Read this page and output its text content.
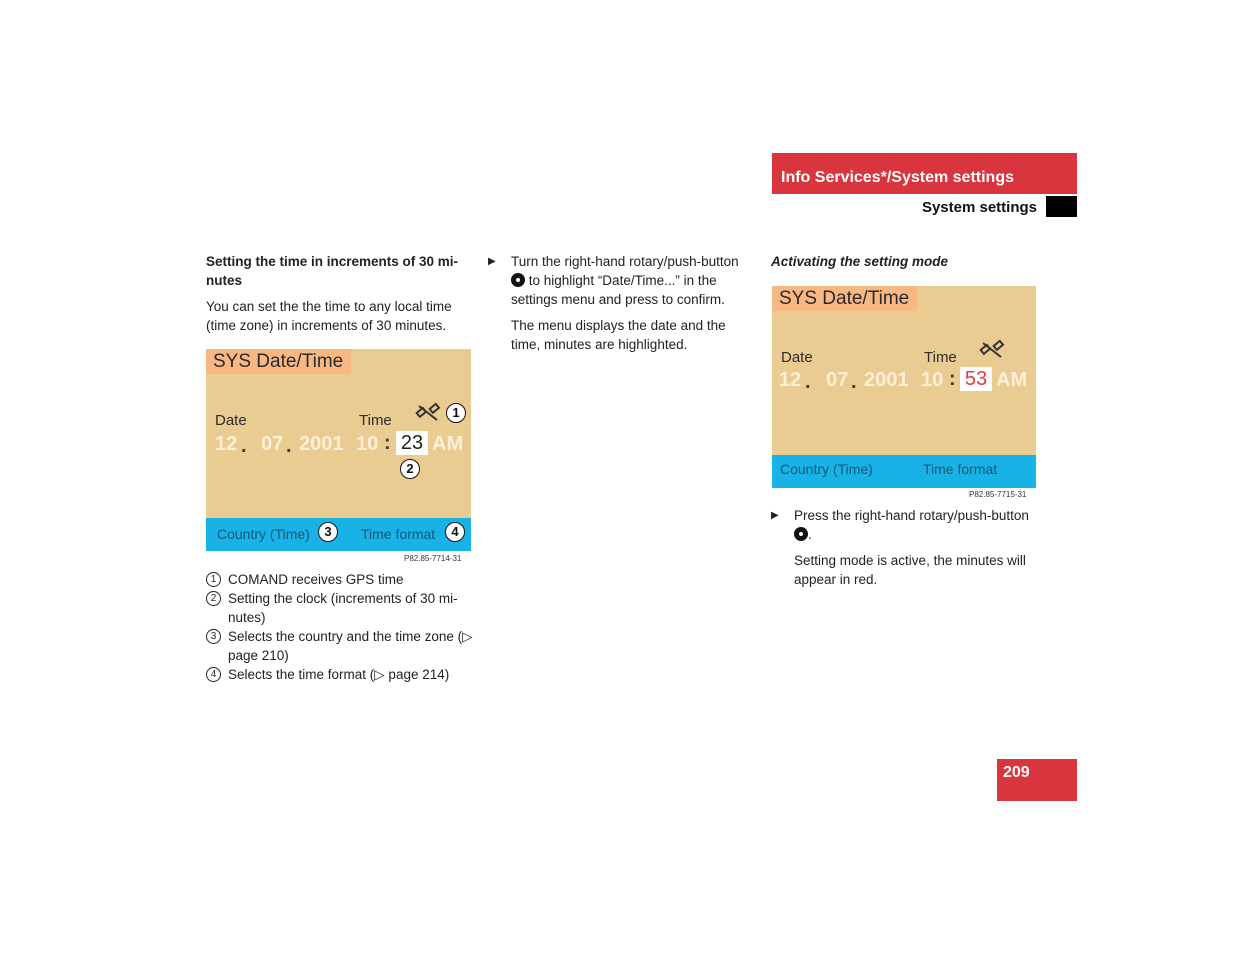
Info Services*/System settings
System settings

Setting the time in increments of 30 mi-nutes

You can set the the time to any local time (time zone) in increments of 30 minutes.

SYS Date/Time
Date	Time
12 . 07 . 2001 10 : 23 AM
Country (Time)	Time format
1
2
3	4
P82.85-7714-31

1 COMAND receives GPS time

2 Setting the clock (increments of 30 mi-nutes)

3 Selects the country and the time zone (▷ page 210)

4 Selects the time format (▷ page 214)

▶ Turn the right-hand rotary/push-button  to highlight “Date/Time...” in the settings menu and press to confirm.

The menu displays the date and the time, minutes are highlighted.

Activating the setting mode

SYS Date/Time
Date	Time
12 . 07 . 2001 10 : 53 AM
Country (Time)	Time format
P82.85-7715-31
▶ Press the right-hand rotary/push-button .

Setting mode is active, the minutes will appear in red.

209
